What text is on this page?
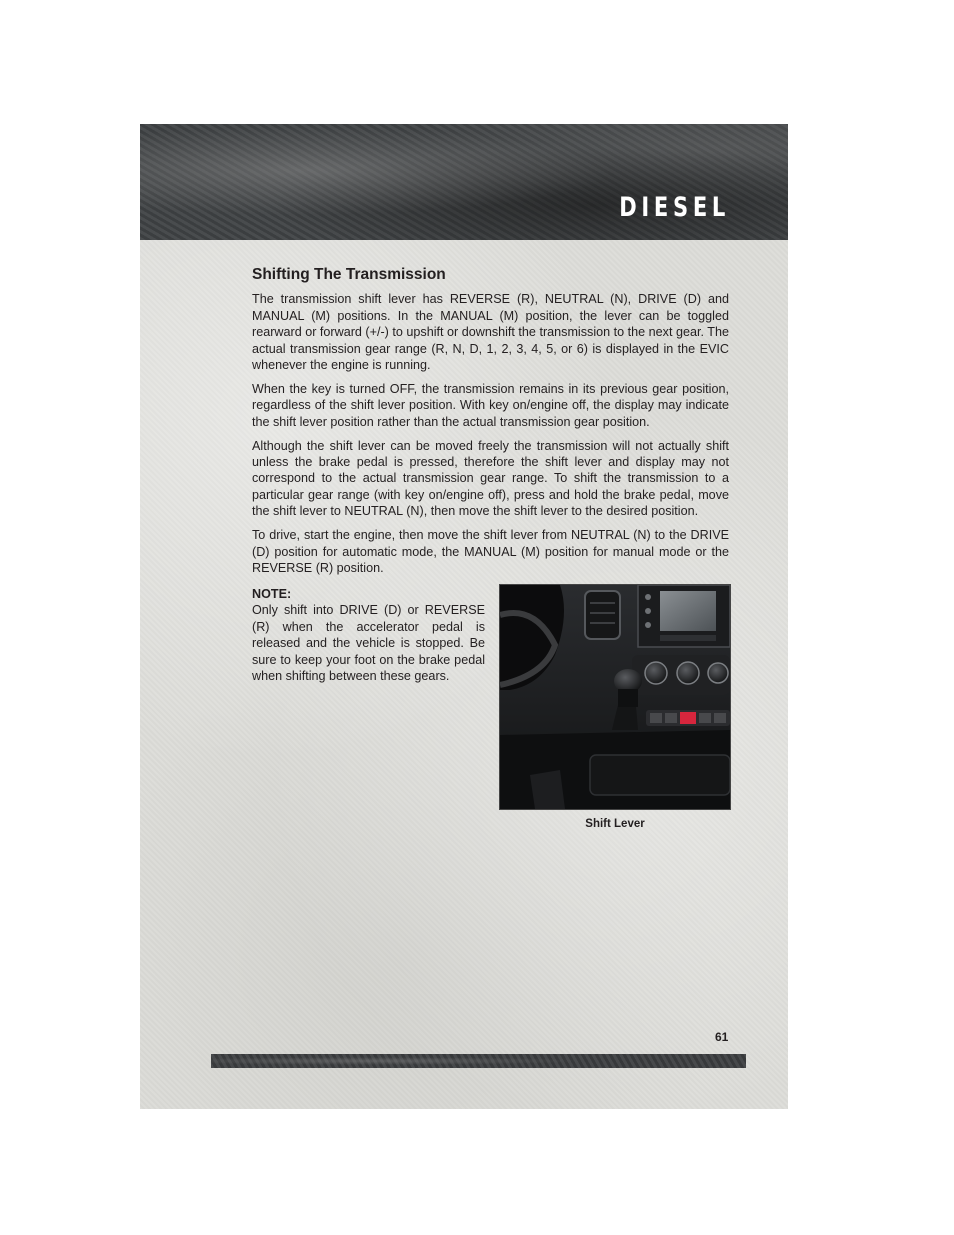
DIESEL
Shifting The Transmission

The transmission shift lever has REVERSE (R), NEUTRAL (N), DRIVE (D) and MANUAL (M) positions. In the MANUAL (M) position, the lever can be toggled rearward or forward (+/-) to upshift or downshift the transmission to the next gear. The actual transmission gear range (R, N, D, 1, 2, 3, 4, 5, or 6) is displayed in the EVIC whenever the engine is running.

When the key is turned OFF, the transmission remains in its previous gear position, regardless of the shift lever position. With key on/engine off, the display may indicate the shift lever position rather than the actual transmission gear position.

Although the shift lever can be moved freely the transmission will not actually shift unless the brake pedal is pressed, therefore the shift lever and display may not correspond to the actual transmission gear range. To shift the transmission to a particular gear range (with key on/engine off), press and hold the brake pedal, move the shift lever to NEUTRAL (N), then move the shift lever to the desired position.

To drive, start the engine, then move the shift lever from NEUTRAL (N) to the DRIVE (D) position for automatic mode, the MANUAL (M) position for manual mode or the REVERSE (R) position.

NOTE:

Only shift into DRIVE (D) or REVERSE (R) when the accelerator pedal is released and the vehicle is stopped. Be sure to keep your foot on the brake pedal when shifting between these gears.

Shift Lever
61
